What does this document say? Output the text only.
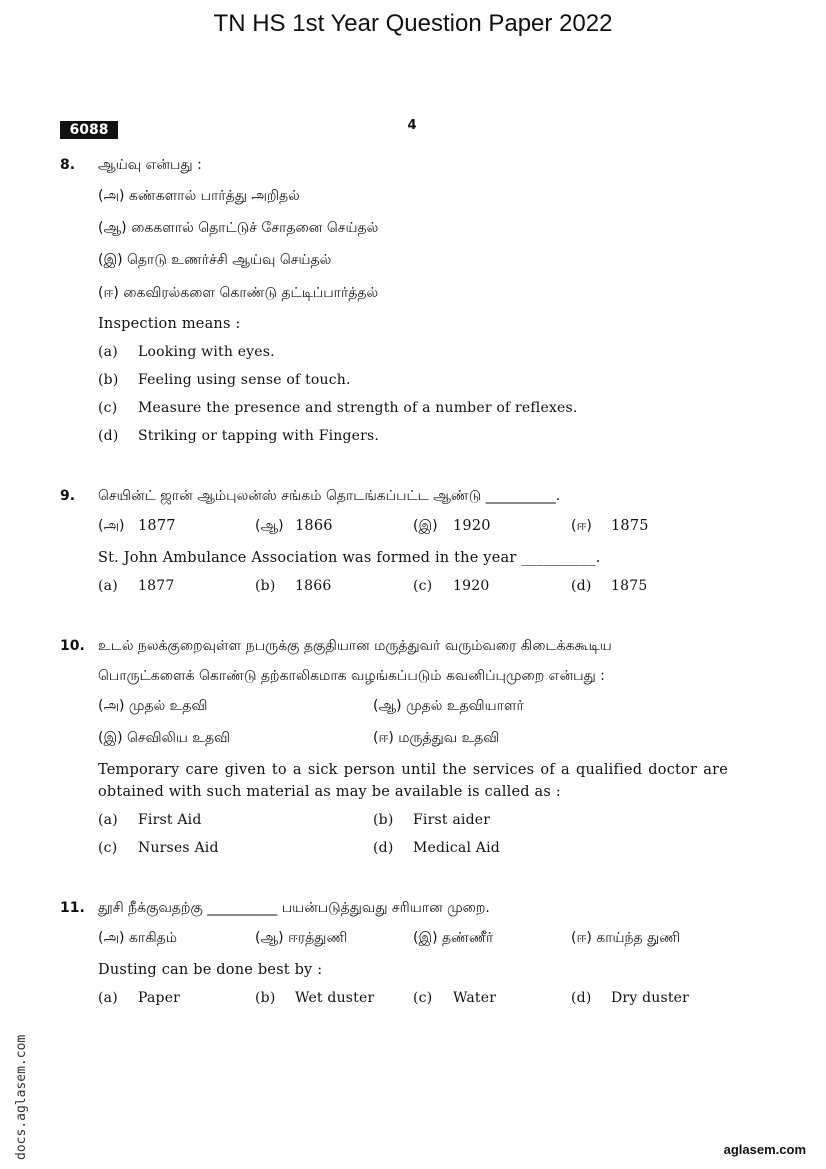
TN HS 1st Year Question Paper 2022
6088	4
8. ஆய்வு என்பது :
(அ) கண்களால் பார்த்து அறிதல்
(ஆ) கைகளால் தொட்டுச் சோதனை செய்தல்
(இ) தொடு உணர்ச்சி ஆய்வு செய்தல்
(ஈ) கைவிரல்களை கொண்டு தட்டிப்பார்த்தல்
Inspection means :
(a) Looking with eyes.
(b) Feeling using sense of touch.
(c) Measure the presence and strength of a number of reflexes.
(d) Striking or tapping with Fingers.
9. செயின்ட் ஜான் ஆம்புலன்ஸ் சங்கம் தொடங்கப்பட்ட ஆண்டு __________.
(அ) 1877	(ஆ) 1866	(இ) 1920	(ஈ) 1875
St. John Ambulance Association was formed in the year __________.
(a) 1877	(b) 1866	(c) 1920	(d) 1875
10. உடல் நலக்குறைவுள்ள நபருக்கு தகுதியான மருத்துவர் வரும்வரை கிடைக்ககூடிய
பொருட்களைக் கொண்டு தற்காலிகமாக வழங்கப்படும் கவனிப்புமுறை என்பது :
(அ) முதல் உதவி	(ஆ) முதல் உதவியாளர்
(இ) செவிலிய உதவி	(ஈ) மருத்துவ உதவி
Temporary care given to a sick person until the services of a qualified doctor are
obtained with such material as may be available is called as :
(a) First Aid	(b) First aider
(c) Nurses Aid	(d) Medical Aid
11. தூசி நீக்குவதற்கு __________ பயன்படுத்துவது சரியான முறை.
(அ) காகிதம்	(ஆ) ஈரத்துணி	(இ) தண்ணீர்	(ஈ) காய்ந்த துணி
Dusting can be done best by :
(a) Paper	(b) Wet duster	(c) Water	(d) Dry duster
docs.aglasem.com	aglasem.com
